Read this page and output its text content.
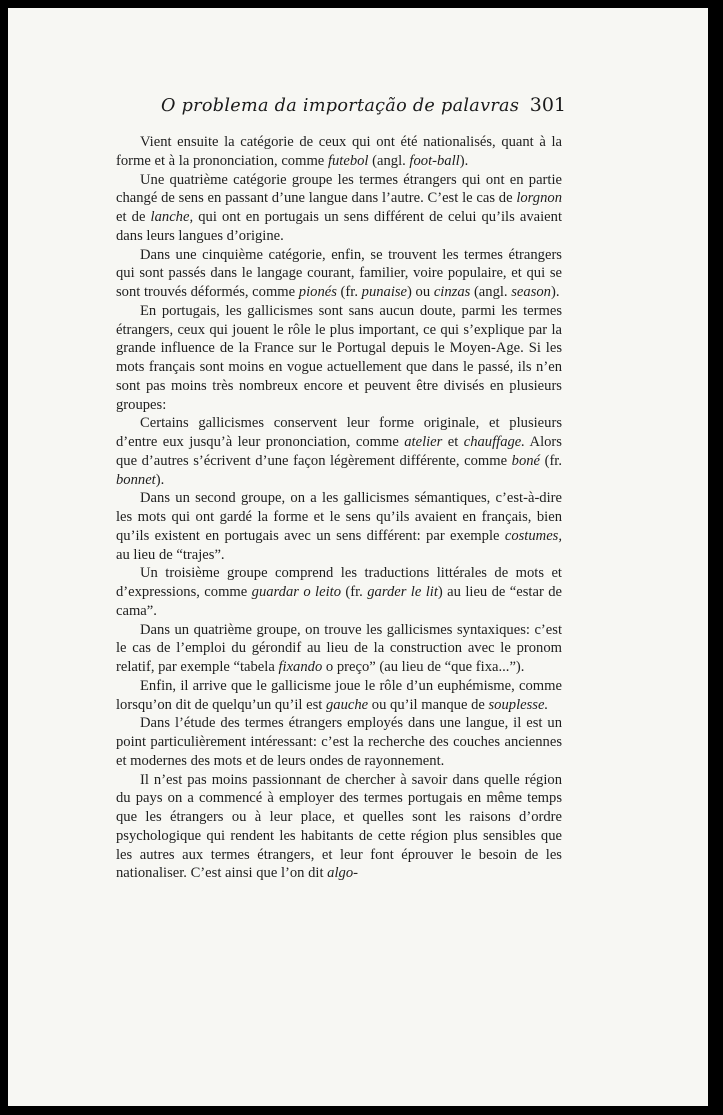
O problema da importação de palavras 301

Vient ensuite la catégorie de ceux qui ont été nationalisés, quant à la forme et à la prononciation, comme futebol (angl. foot-ball).

Une quatrième catégorie groupe les termes étrangers qui ont en partie changé de sens en passant d’une langue dans l’autre. C’est le cas de lorgnon et de lanche, qui ont en portugais un sens différent de celui qu’ils avaient dans leurs langues d’origine.

Dans une cinquième catégorie, enfin, se trouvent les termes étrangers qui sont passés dans le langage courant, familier, voire populaire, et qui se sont trouvés déformés, comme pionés (fr. punaise) ou cinzas (angl. season).

En portugais, les gallicismes sont sans aucun doute, parmi les termes étrangers, ceux qui jouent le rôle le plus important, ce qui s’explique par la grande influence de la France sur le Portugal depuis le Moyen-Age. Si les mots français sont moins en vogue actuellement que dans le passé, ils n’en sont pas moins très nombreux encore et peuvent être divisés en plusieurs groupes:

Certains gallicismes conservent leur forme originale, et plusieurs d’entre eux jusqu’à leur prononciation, comme atelier et chauffage. Alors que d’autres s’écrivent d’une façon légèrement différente, comme boné (fr. bonnet).

Dans un second groupe, on a les gallicismes sémantiques, c’est-à-dire les mots qui ont gardé la forme et le sens qu’ils avaient en français, bien qu’ils existent en portugais avec un sens différent: par exemple costumes, au lieu de “trajes”.

Un troisième groupe comprend les traductions littérales de mots et d’expressions, comme guardar o leito (fr. garder le lit) au lieu de “estar de cama”.

Dans un quatrième groupe, on trouve les gallicismes syntaxiques: c’est le cas de l’emploi du gérondif au lieu de la construction avec le pronom relatif, par exemple “tabela fixando o preço” (au lieu de “que fixa...”).

Enfin, il arrive que le gallicisme joue le rôle d’un euphémisme, comme lorsqu’on dit de quelqu’un qu’il est gauche ou qu’il manque de souplesse.

Dans l’étude des termes étrangers employés dans une langue, il est un point particulièrement intéressant: c’est la recherche des couches anciennes et modernes des mots et de leurs ondes de rayonnement.

Il n’est pas moins passionnant de chercher à savoir dans quelle région du pays on a commencé à employer des termes portugais en même temps que les étrangers ou à leur place, et quelles sont les raisons d’ordre psychologique qui rendent les habitants de cette région plus sensibles que les autres aux termes étrangers, et leur font éprouver le besoin de les nationaliser. C’est ainsi que l’on dit algo-
